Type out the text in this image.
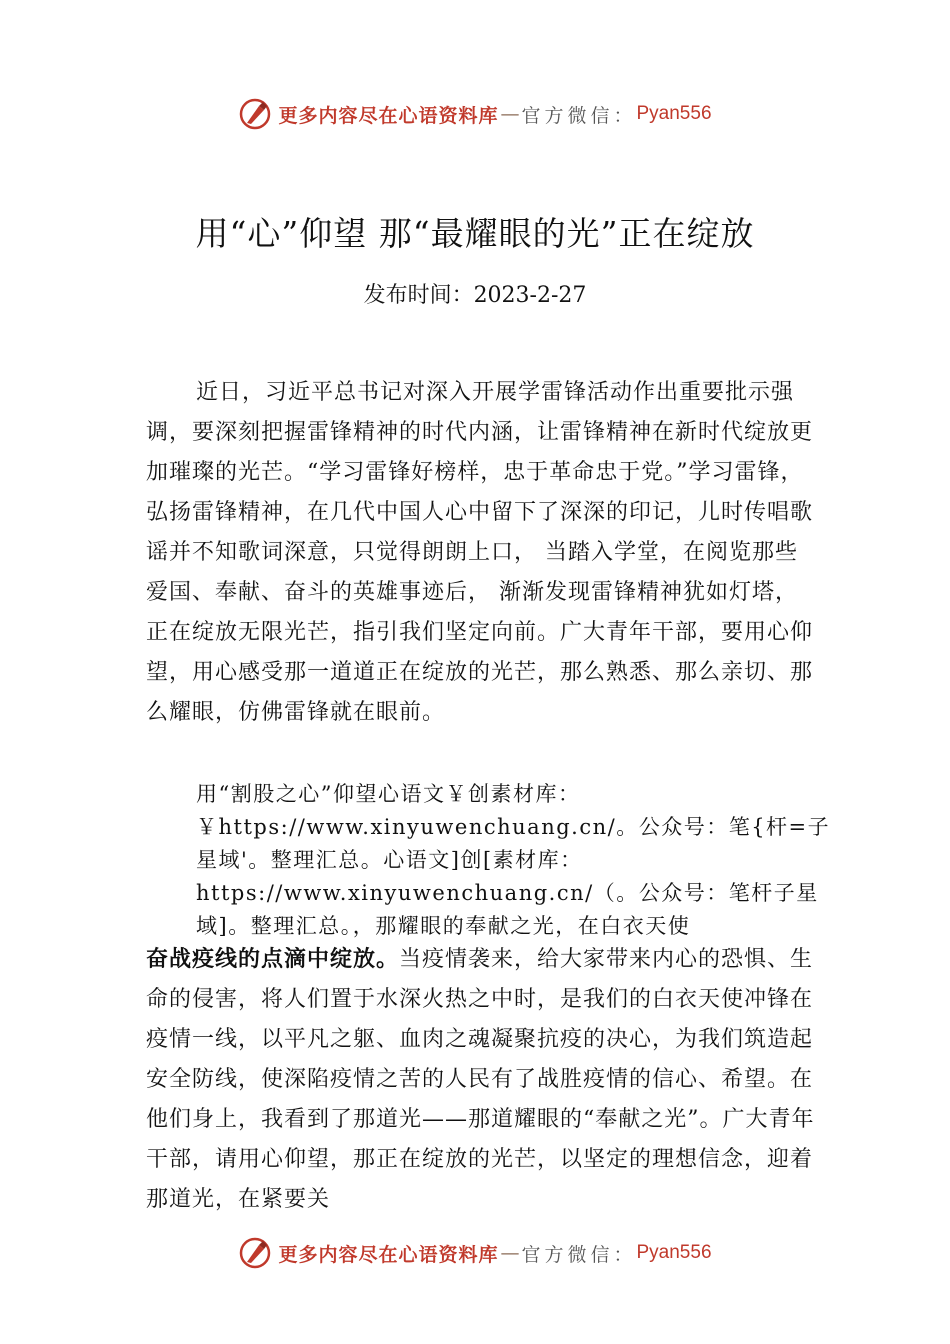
更多内容尽在心语资料库 — 官方微信： Pyan556
用“心”仰望 那“最耀眼的光”正在绽放
发布时间：2023-2-27

近日，习近平总书记对深入开展学雷锋活动作出重要批示强调，要深刻把握雷锋精神的时代内涵，让雷锋精神在新时代绽放更加璀璨的光芒。“学习雷锋好榜样，忠于革命忠于党。”学习雷锋，弘扬雷锋精神，在几代中国人心中留下了深深的印记，儿时传唱歌谣并不知歌词深意，只觉得朗朗上口， 当踏入学堂，在阅览那些爱国、奉献、奋斗的英雄事迹后， 渐渐发现雷锋精神犹如灯塔，正在绽放无限光芒，指引我们坚定向前。广大青年干部，要用心仰望，用心感受那一道道正在绽放的光芒，那么熟悉、那么亲切、那么耀眼，仿佛雷锋就在眼前。

用“割股之心”仰望心语文￥创素材库：￥https://www.xinyuwenchuang.cn/。公众号：笔{杆=子星域'。整理汇总。心语文]创[素材库：https://www.xinyuwenchuang.cn/（。公众号：笔杆子星域]。整理汇总。，那耀眼的奉献之光，在白衣天使

奋战疫线的点滴中绽放。当疫情袭来，给大家带来内心的恐惧、生命的侵害，将人们置于水深火热之中时，是我们的白衣天使冲锋在疫情一线，以平凡之躯、血肉之魂凝聚抗疫的决心，为我们筑造起安全防线，使深陷疫情之苦的人民有了战胜疫情的信心、希望。在他们身上，我看到了那道光——那道耀眼的“奉献之光”。广大青年干部，请用心仰望，那正在绽放的光芒，以坚定的理想信念，迎着那道光，在紧要关

更多内容尽在心语资料库 — 官方微信： Pyan556
